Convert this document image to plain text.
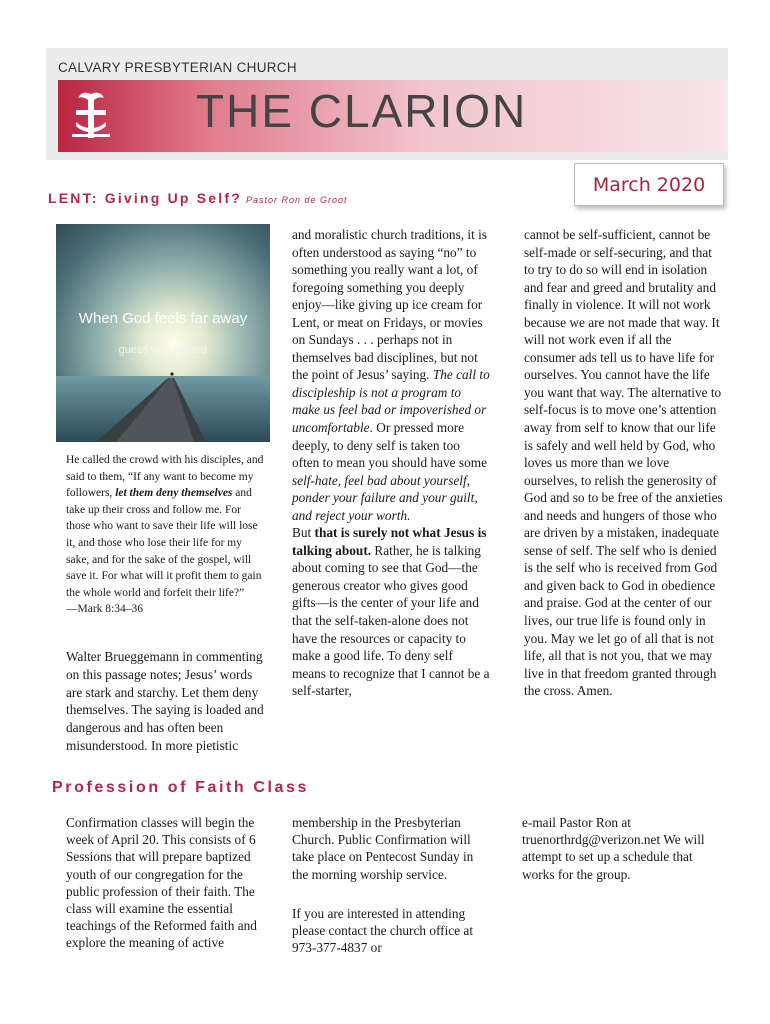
CALVARY PRESBYTERIAN CHURCH
THE CLARION
March 2020
LENT: Giving Up Self? Pastor Ron de Groot
When God feels far away
guess who moved
He called the crowd with his disciples, and said to them, “If any want to become my followers, let them deny themselves and take up their cross and follow me. For those who want to save their life will lose it, and those who lose their life for my sake, and for the sake of the gospel, will save it. For what will it profit them to gain the whole world and forfeit their life?”
—Mark 8:34–36
Walter Brueggemann in commenting on this passage notes; Jesus’ words are stark and starchy. Let them deny themselves. The saying is loaded and dangerous and has often been misunderstood. In more pietistic
and moralistic church traditions, it is often understood as saying “no” to something you really want a lot, of foregoing something you deeply enjoy—like giving up ice cream for Lent, or meat on Fridays, or movies on Sundays . . . perhaps not in themselves bad disciplines, but not the point of Jesus’ saying. The call to discipleship is not a program to make us feel bad or impoverished or uncomfortable. Or pressed more deeply, to deny self is taken too often to mean you should have some self-hate, feel bad about yourself, ponder your failure and your guilt, and reject your worth.
But that is surely not what Jesus is talking about. Rather, he is talking about coming to see that God—the generous creator who gives good gifts—is the center of your life and that the self-taken-alone does not have the resources or capacity to make a good life. To deny self means to recognize that I cannot be a self-starter,
cannot be self-sufficient, cannot be self-made or self-securing, and that to try to do so will end in isolation and fear and greed and brutality and finally in violence. It will not work because we are not made that way. It will not work even if all the consumer ads tell us to have life for ourselves. You cannot have the life you want that way. The alternative to self-focus is to move one’s attention away from self to know that our life is safely and well held by God, who loves us more than we love ourselves, to relish the generosity of God and so to be free of the anxieties and needs and hungers of those who are driven by a mistaken, inadequate sense of self. The self who is denied is the self who is received from God and given back to God in obedience and praise. God at the center of our lives, our true life is found only in you. May we let go of all that is not life, all that is not you, that we may live in that freedom granted through the cross. Amen.
Profession of Faith Class
Confirmation classes will begin the week of April 20. This consists of 6 Sessions that will prepare baptized youth of our congregation for the public profession of their faith. The class will examine the essential teachings of the Reformed faith and explore the meaning of active
membership in the Presbyterian Church. Public Confirmation will take place on Pentecost Sunday in the morning worship service.
If you are interested in attending please contact the church office at 973-377-4837 or
e-mail Pastor Ron at truenorthrdg@verizon.net We will attempt to set up a schedule that works for the group.
